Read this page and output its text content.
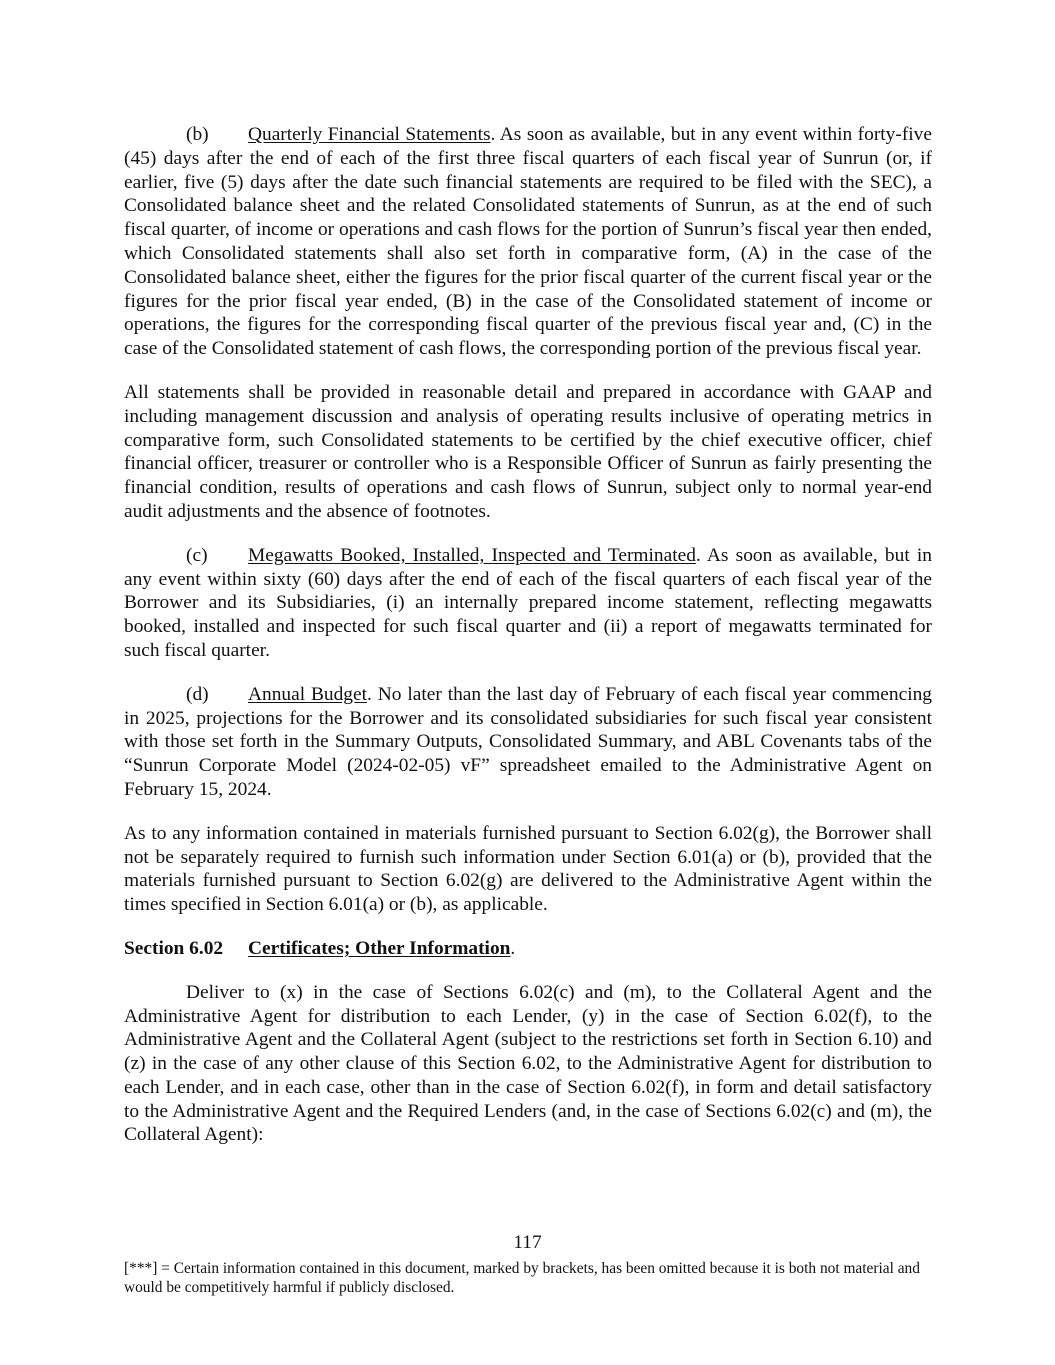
(b) Quarterly Financial Statements. As soon as available, but in any event within forty-five (45) days after the end of each of the first three fiscal quarters of each fiscal year of Sunrun (or, if earlier, five (5) days after the date such financial statements are required to be filed with the SEC), a Consolidated balance sheet and the related Consolidated statements of Sunrun, as at the end of such fiscal quarter, of income or operations and cash flows for the portion of Sunrun’s fiscal year then ended, which Consolidated statements shall also set forth in comparative form, (A) in the case of the Consolidated balance sheet, either the figures for the prior fiscal quarter of the current fiscal year or the figures for the prior fiscal year ended, (B) in the case of the Consolidated statement of income or operations, the figures for the corresponding fiscal quarter of the previous fiscal year and, (C) in the case of the Consolidated statement of cash flows, the corresponding portion of the previous fiscal year.

All statements shall be provided in reasonable detail and prepared in accordance with GAAP and including management discussion and analysis of operating results inclusive of operating metrics in comparative form, such Consolidated statements to be certified by the chief executive officer, chief financial officer, treasurer or controller who is a Responsible Officer of Sunrun as fairly presenting the financial condition, results of operations and cash flows of Sunrun, subject only to normal year-end audit adjustments and the absence of footnotes.

(c) Megawatts Booked, Installed, Inspected and Terminated. As soon as available, but in any event within sixty (60) days after the end of each of the fiscal quarters of each fiscal year of the Borrower and its Subsidiaries, (i) an internally prepared income statement, reflecting megawatts booked, installed and inspected for such fiscal quarter and (ii) a report of megawatts terminated for such fiscal quarter.

(d) Annual Budget. No later than the last day of February of each fiscal year commencing in 2025, projections for the Borrower and its consolidated subsidiaries for such fiscal year consistent with those set forth in the Summary Outputs, Consolidated Summary, and ABL Covenants tabs of the “Sunrun Corporate Model (2024-02-05) vF” spreadsheet emailed to the Administrative Agent on February 15, 2024.

As to any information contained in materials furnished pursuant to Section 6.02(g), the Borrower shall not be separately required to furnish such information under Section 6.01(a) or (b), provided that the materials furnished pursuant to Section 6.02(g) are delivered to the Administrative Agent within the times specified in Section 6.01(a) or (b), as applicable.

Section 6.02 Certificates; Other Information.

Deliver to (x) in the case of Sections 6.02(c) and (m), to the Collateral Agent and the Administrative Agent for distribution to each Lender, (y) in the case of Section 6.02(f), to the Administrative Agent and the Collateral Agent (subject to the restrictions set forth in Section 6.10) and (z) in the case of any other clause of this Section 6.02, to the Administrative Agent for distribution to each Lender, and in each case, other than in the case of Section 6.02(f), in form and detail satisfactory to the Administrative Agent and the Required Lenders (and, in the case of Sections 6.02(c) and (m), the Collateral Agent):

117
[***] = Certain information contained in this document, marked by brackets, has been omitted because it is both not material and would be competitively harmful if publicly disclosed.
